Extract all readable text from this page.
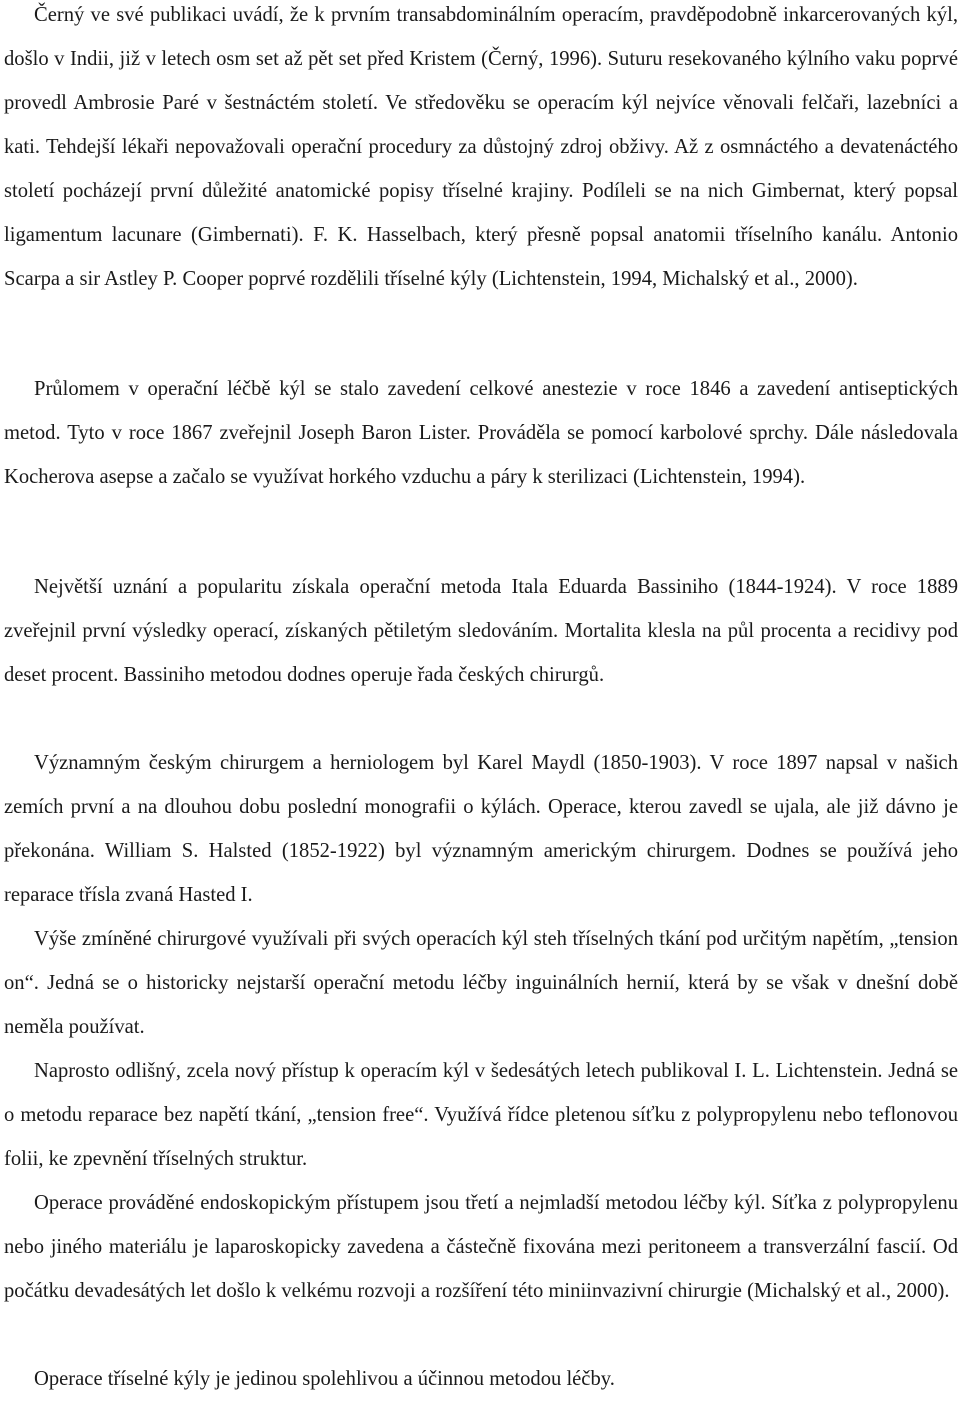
Černý ve své publikaci uvádí, že k prvním transabdominálním operacím, pravděpodobně inkarcerovaných kýl, došlo v Indii, již v letech osm set až pět set před Kristem (Černý, 1996). Suturu resekovaného kýlního vaku poprvé provedl Ambrosie Paré v šestnáctém století. Ve středověku se operacím kýl nejvíce věnovali felčaři, lazebníci a kati. Tehdejší lékaři nepovažovali operační procedury za důstojný zdroj obživy. Až z osmnáctého a devatenáctého století pocházejí první důležité anatomické popisy tříselné krajiny. Podíleli se na nich Gimbernat, který popsal ligamentum lacunare (Gimbernati). F. K. Hasselbach, který přesně popsal anatomii tříselního kanálu. Antonio Scarpa a sir Astley P. Cooper poprvé rozdělili tříselné kýly (Lichtenstein, 1994, Michalský et al., 2000).

Průlomem v operační léčbě kýl se stalo zavedení celkové anestezie v roce 1846 a zavedení antiseptických metod. Tyto v roce 1867 zveřejnil Joseph Baron Lister. Prováděla se pomocí karbolové sprchy. Dále následovala Kocherova asepse a začalo se využívat horkého vzduchu a páry k sterilizaci (Lichtenstein, 1994).

Největší uznání a popularitu získala operační metoda Itala Eduarda Bassiniho (1844-1924). V roce 1889 zveřejnil první výsledky operací, získaných pětiletým sledováním. Mortalita klesla na půl procenta a recidivy pod deset procent. Bassiniho metodou dodnes operuje řada českých chirurgů.

Významným českým chirurgem a herniologem byl Karel Maydl (1850-1903). V roce 1897 napsal v našich zemích první a na dlouhou dobu poslední monografii o kýlách. Operace, kterou zavedl se ujala, ale již dávno je překonána. William S. Halsted (1852-1922) byl významným americkým chirurgem. Dodnes se používá jeho reparace třísla zvaná Hasted I.

Výše zmíněné chirurgové využívali při svých operacích kýl steh tříselných tkání pod určitým napětím, „tension on“. Jedná se o historicky nejstarší operační metodu léčby inguinálních hernií, která by se však v dnešní době neměla používat.

Naprosto odlišný, zcela nový přístup k operacím kýl v šedesátých letech publikoval I. L. Lichtenstein. Jedná se o metodu reparace bez napětí tkání, „tension free“. Využívá řídce pletenou síťku z polypropylenu nebo teflonovou folii, ke zpevnění tříselných struktur.

Operace prováděné endoskopickým přístupem jsou třetí a nejmladší metodou léčby kýl. Síťka z polypropylenu nebo jiného materiálu je laparoskopicky zavedena a částečně fixována mezi peritoneem a transverzální fascií. Od počátku devadesátých let došlo k velkému rozvoji a rozšíření této miniinvazivní chirurgie (Michalský et al., 2000).

Operace tříselné kýly je jedinou spolehlivou a účinnou metodou léčby.
